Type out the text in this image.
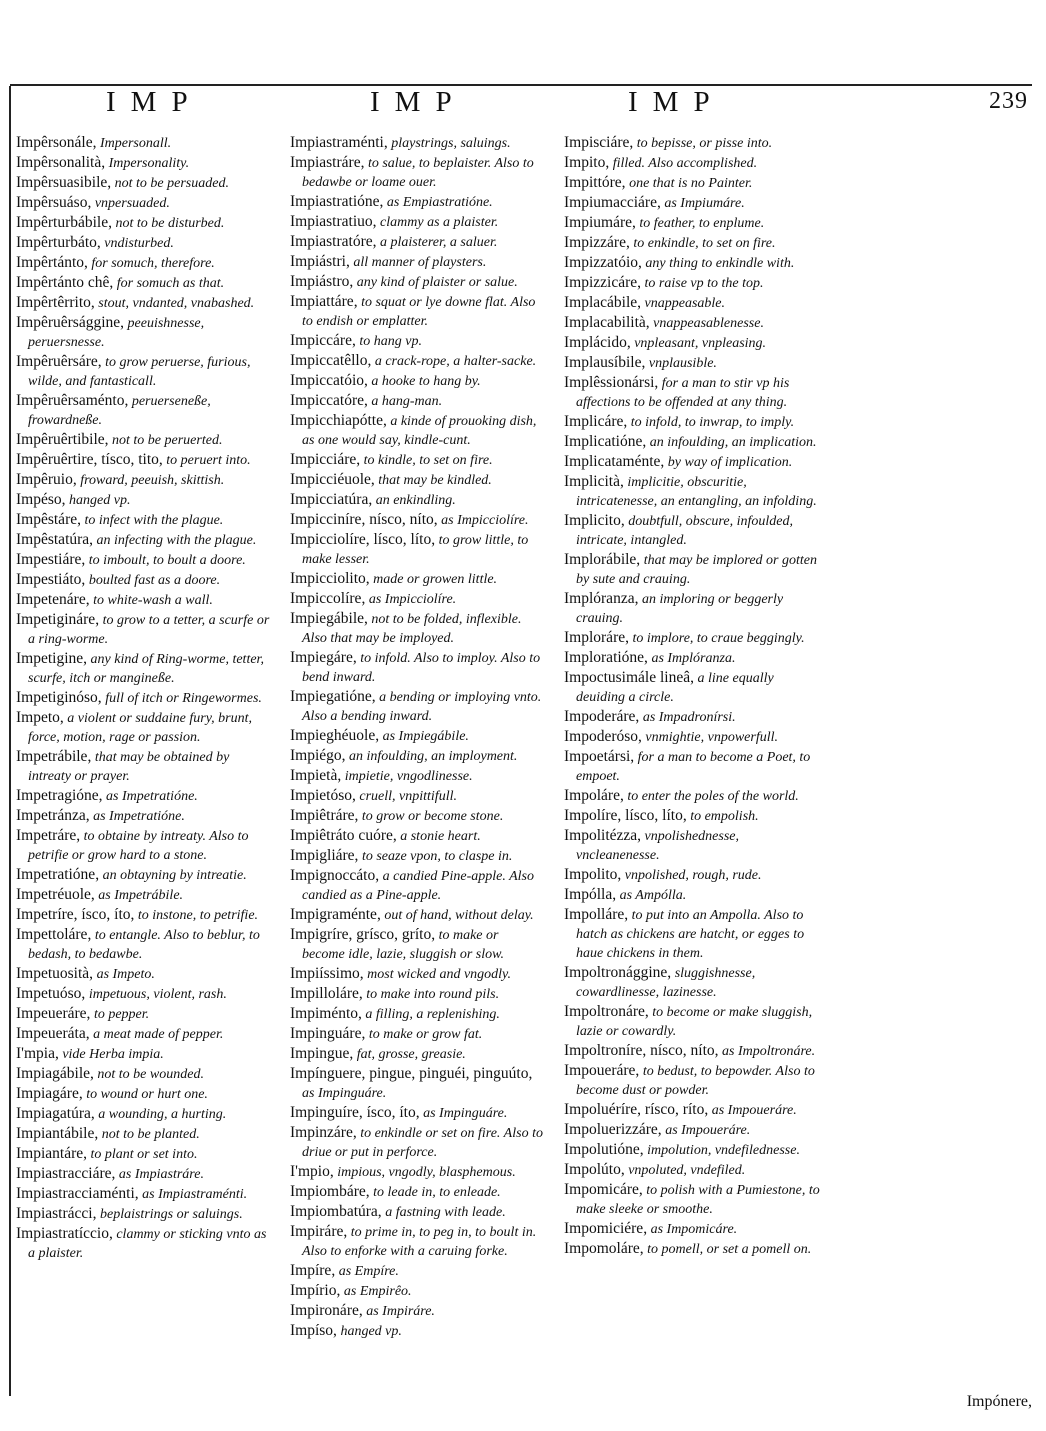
IMP	IMP	IMP	239
Impêrsonále, Impersonall.
Impêrsonalità, Impersonality.
Impêrsuasibile, not to be persuaded.
Impêrsuáso, vnpersuaded.
Impêrturbábile, not to be disturbed.
Impêrturbáto, vndisturbed.
Impêrtánto, for somuch, therefore.
Impêrtánto chê, for somuch as that.
Impêrtêrrito, stout, vndanted, vnabashed.
Impêruêrsággine, peeuishnesse, peruersnesse.
Impêruêrsáre, to grow peruerse, furious, wilde, and fantasticall.
Impêruêrsaménto, peruerseneße, frowardneße.
Impêruêrtibile, not to be peruerted.
Impêruêrtire, tísco, tito, to peruert into.
Impêruio, froward, peeuish, skittish.
Impéso, hanged vp.
Impêstáre, to infect with the plague.
Impêstatúra, an infecting with the plague.
Impestiáre, to imboult, to boult a doore.
Impestiáto, boulted fast as a doore.
Impetenáre, to white-wash a wall.
Impetigináre, to grow to a tetter, a scurfe or a ring-worme.
Impetigine, any kind of Ring-worme, tetter, scurfe, itch or mangineße.
Impetiginóso, full of itch or Ringewormes.
Impeto, a violent or suddaine fury, brunt, force, motion, rage or passion.
Impetrábile, that may be obtained by intreaty or prayer.
Impetragióne, as Impetratióne.
Impetránza, as Impetratióne.
Impetráre, to obtaine by intreaty. Also to petrifie or grow hard to a stone.
Impetratióne, an obtayning by intreatie.
Impetréuole, as Impetrábile.
Impetríre, ísco, íto, to instone, to petrifie.
Impettoláre, to entangle. Also to beblur, to bedash, to bedawbe.
Impetuosità, as Impeto.
Impetuóso, impetuous, violent, rash.
Impeueráre, to pepper.
Impeuerátа, a meat made of pepper.
I'mpia, vide Herba impia.
Impiagábile, not to be wounded.
Impiagáre, to wound or hurt one.
Impiagatúra, a wounding, a hurting.
Impiantábile, not to be planted.
Impiantáre, to plant or set into.
Impiastracciáre, as Impiastráre.
Impiastracciaménti, as Impiastraménti.
Impiastrácci, beplaistrings or saluings.
Impiastratíccio, clammy or sticking vnto as a plaister.
Impiastraménti, playstrings, saluings.
Impiastráre, to salue, to beplaister. Also to bedawbe or loame ouer.
Impiastratióne, as Empiastratióne.
Impiastratiuo, clammy as a plaister.
Impiastratóre, a plaisterer, a saluer.
Impiástri, all manner of playsters.
Impiástro, any kind of plaister or salue.
Impiattáre, to squat or lye downe flat. Also to endish or emplatter.
Impiccáre, to hang vp.
Impiccatêllo, a crack-rope, a halter-sacke.
Impiccatóio, a hooke to hang by.
Impiccatóre, a hang-man.
Impicchiapótte, a kinde of prouoking dish, as one would say, kindle-cunt.
Impicciáre, to kindle, to set on fire.
Impicciéuole, that may be kindled.
Impicciatúra, an enkindling.
Impicciníre, nísco, níto, as Impicciolíre.
Impicciolíre, lísco, líto, to grow little, to make lesser.
Impicciolito, made or growen little.
Impiccolíre, as Impicciolíre.
Impiegábile, not to be folded, inflexible. Also that may be imployed.
Impiegáre, to infold. Also to imploy. Also to bend inward.
Impiegatióne, a bending or imploying vnto. Also a bending inward.
Impieghéuole, as Impiegábile.
Impiégo, an infoulding, an imployment.
Impietà, impietie, vngodlinesse.
Impietóso, cruell, vnpittifull.
Impiêtráre, to grow or become stone.
Impiêtráto cuóre, a stonie heart.
Impigliáre, to seaze vpon, to claspe in.
Impignoccáto, a candied Pine-apple. Also candied as a Pine-apple.
Impigraménte, out of hand, without delay.
Impigríre, grísco, gríto, to make or become idle, lazie, sluggish or slow.
Impiíssimo, most wicked and vngodly.
Impilloláre, to make into round pils.
Impiménto, a filling, a replenishing.
Impinguáre, to make or grow fat.
Impingue, fat, grosse, greasie.
Impínguere, pingue, pinguéi, pinguúto, as Impinguáre.
Impinguíre, ísco, íto, as Impinguáre.
Impinzáre, to enkindle or set on fire. Also to driue or put in perforce.
I'mpio, impious, vngodly, blasphemous.
Impiombáre, to leade in, to enleade.
Impiombatúra, a fastning with leade.
Impiráre, to prime in, to peg in, to boult in. Also to enforke with a caruing forke.
Impíre, as Empíre.
Impírio, as Empirêo.
Impironáre, as Impiráre.
Impíso, hanged vp.
Impisciáre, to bepisse, or pisse into.
Impito, filled. Also accomplished.
Impittóre, one that is no Painter.
Impiumacciáre, as Impiumáre.
Impiumáre, to feather, to enplume.
Impizzáre, to enkindle, to set on fire.
Impizzatóio, any thing to enkindle with.
Impizzicáre, to raise vp to the top.
Implacábile, vnappeasable.
Implacabilità, vnappeasablenesse.
Implácido, vnpleasant, vnpleasing.
Implausíbile, vnplausible.
Implêssionársi, for a man to stir vp his affections to be offended at any thing.
Implicáre, to infold, to inwrap, to imply.
Implicatióne, an infoulding, an implication.
Implicataménte, by way of implication.
Implicità, implicitie, obscuritie, intricatenesse, an entangling, an infolding.
Implicito, doubtfull, obscure, infoulded, intricate, intangled.
Implorábile, that may be implored or gotten by sute and crauing.
Implóranza, an imploring or beggerly crauing.
Imploráre, to implore, to craue beggingly.
Imploratióne, as Implóranza.
Impoctusimále lineâ, a line equally deuiding a circle.
Impoderáre, as Impadronírsi.
Impoderóso, vnmightie, vnpowerfull.
Impoetársi, for a man to become a Poet, to empoet.
Impoláre, to enter the poles of the world.
Impolíre, lísco, líto, to empolish.
Impolitézza, vnpolishednesse, vncleanenesse.
Impolito, vnpolished, rough, rude.
Impólla, as Ampólla.
Impolláre, to put into an Ampolla. Also to hatch as chickens are hatcht, or egges to haue chickens in them.
Impoltronággine, sluggishnesse, cowardlinesse, lazinesse.
Impoltronáre, to become or make sluggish, lazie or cowardly.
Impoltroníre, nísco, níto, as Impoltronáre.
Impoueráre, to bedust, to bepowder. Also to become dust or powder.
Impoluéríre, rísco, ríto, as Impoueráre.
Impoluerizzáre, as Impoueráre.
Impolutióne, impolution, vndefilednesse.
Impolúto, vnpoluted, vndefiled.
Impomicáre, to polish with a Pumiestone, to make sleeke or smoothe.
Impomiciére, as Impomicáre.
Impomoláre, to pomell, or set a pomell on.
Impónere,
